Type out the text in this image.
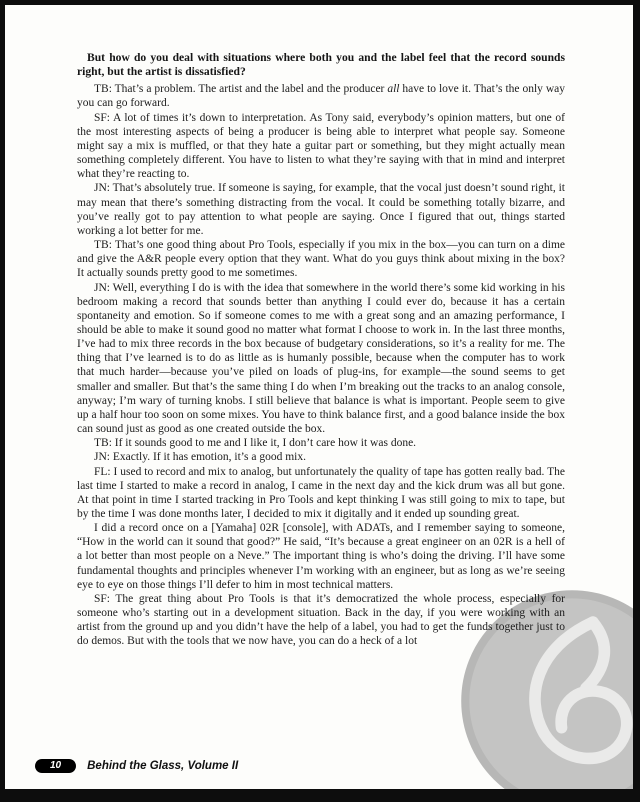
But how do you deal with situations where both you and the label feel that the record sounds right, but the artist is dissatisfied?

TB: That’s a problem. The artist and the label and the producer all have to love it. That’s the only way you can go forward.

SF: A lot of times it’s down to interpretation. As Tony said, everybody’s opinion matters, but one of the most interesting aspects of being a producer is being able to interpret what people say. Someone might say a mix is muffled, or that they hate a guitar part or something, but they might actually mean something completely different. You have to listen to what they’re saying with that in mind and interpret what they’re reacting to.

JN: That’s absolutely true. If someone is saying, for example, that the vocal just doesn’t sound right, it may mean that there’s something distracting from the vocal. It could be something totally bizarre, and you’ve really got to pay attention to what people are saying. Once I figured that out, things started working a lot better for me.

TB: That’s one good thing about Pro Tools, especially if you mix in the box—you can turn on a dime and give the A&R people every option that they want. What do you guys think about mixing in the box? It actually sounds pretty good to me sometimes.

JN: Well, everything I do is with the idea that somewhere in the world there’s some kid working in his bedroom making a record that sounds better than anything I could ever do, because it has a certain spontaneity and emotion. So if someone comes to me with a great song and an amazing performance, I should be able to make it sound good no matter what format I choose to work in. In the last three months, I’ve had to mix three records in the box because of budgetary considerations, so it’s a reality for me. The thing that I’ve learned is to do as little as is humanly possible, because when the computer has to work that much harder—because you’ve piled on loads of plug-ins, for example—the sound seems to get smaller and smaller. But that’s the same thing I do when I’m breaking out the tracks to an analog console, anyway; I’m wary of turning knobs. I still believe that balance is what is important. People seem to give up a half hour too soon on some mixes. You have to think balance first, and a good balance inside the box can sound just as good as one created outside the box.

TB: If it sounds good to me and I like it, I don’t care how it was done.

JN: Exactly. If it has emotion, it’s a good mix.

FL: I used to record and mix to analog, but unfortunately the quality of tape has gotten really bad. The last time I started to make a record in analog, I came in the next day and the kick drum was all but gone. At that point in time I started tracking in Pro Tools and kept thinking I was still going to mix to tape, but by the time I was done months later, I decided to mix it digitally and it ended up sounding great.

I did a record once on a [Yamaha] 02R [console], with ADATs, and I remember saying to someone, “How in the world can it sound that good?” He said, “It’s because a great engineer on an 02R is a hell of a lot better than most people on a Neve.” The important thing is who’s doing the driving. I’ll have some fundamental thoughts and principles whenever I’m working with an engineer, but as long as we’re seeing eye to eye on those things I’ll defer to him in most technical matters.

SF: The great thing about Pro Tools is that it’s democratized the whole process, especially for someone who’s starting out in a development situation. Back in the day, if you were working with an artist from the ground up and you didn’t have the help of a label, you had to get the funds together just to do demos. But with the tools that we now have, you can do a heck of a lot

10	Behind the Glass, Volume II
